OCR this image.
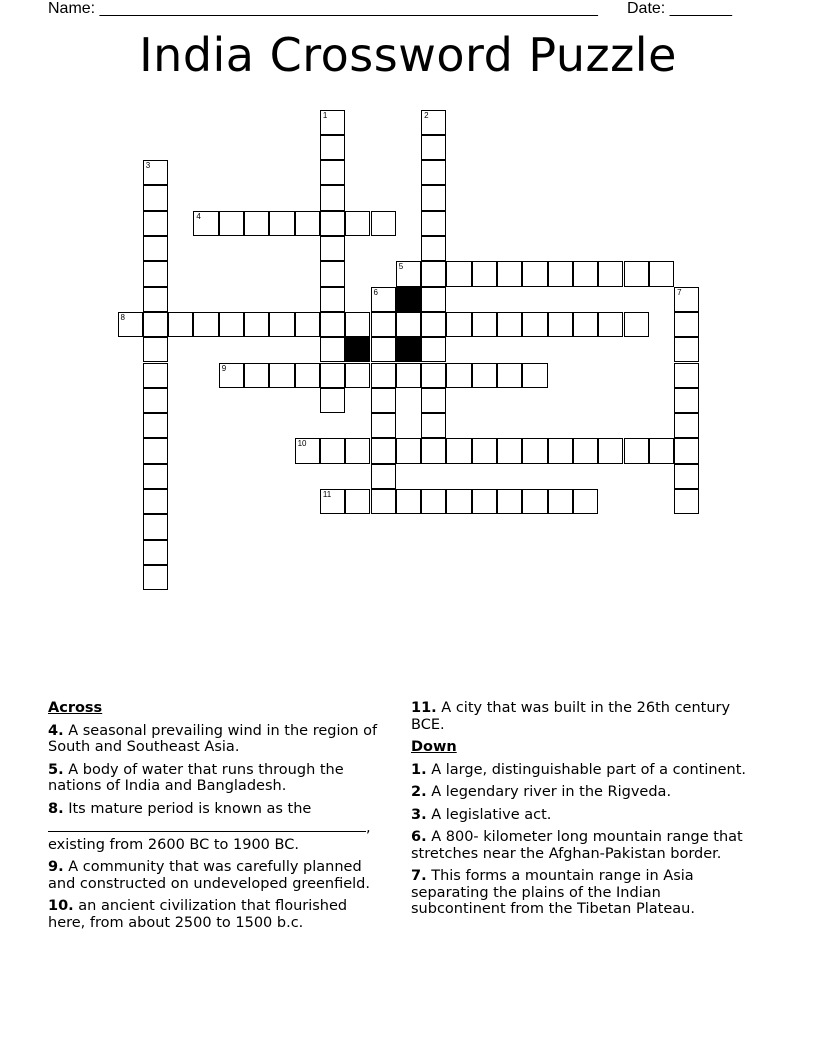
Name: ________________________________________________________ Date: _______
India Crossword Puzzle
1	2
3
4
5
6	7
8
9
10
11
Across
4. A seasonal prevailing wind in the region of South and Southeast Asia.
5. A body of water that runs through the nations of India and Bangladesh.
8. Its mature period is known as the
,
existing from 2600 BC to 1900 BC.
9. A community that was carefully planned and constructed on undeveloped greenfield.
10. an ancient civilization that flourished here, from about 2500 to 1500 b.c.
11. A city that was built in the 26th century BCE.
Down
1. A large, distinguishable part of a continent.
2. A legendary river in the Rigveda.
3. A legislative act.
6. A 800- kilometer long mountain range that stretches near the Afghan-Pakistan border.
7. This forms a mountain range in Asia separating the plains of the Indian subcontinent from the Tibetan Plateau.
